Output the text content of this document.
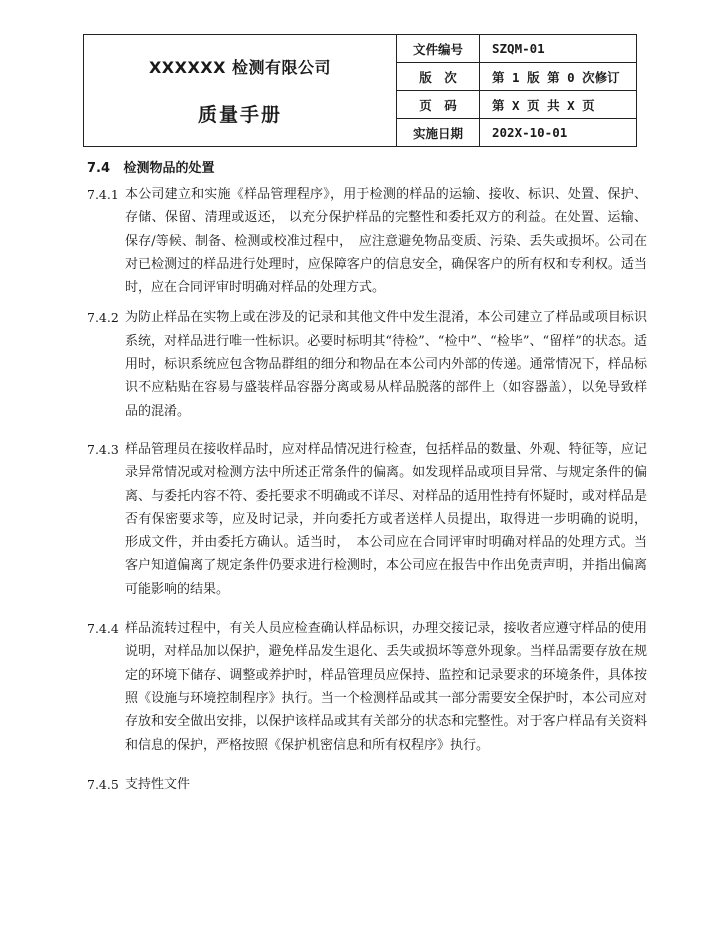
XXXXXX 检测有限公司
质量手册	文件编号	SZQM-01
	版　次	第 1 版 第 0 次修订
	页　码	第 X 页 共 X 页
	实施日期	202X-10-01
7.4 检测物品的处置
7.4.1 本公司建立和实施《样品管理程序》，用于检测的样品的运输、接收、标识、处置、保护、存储、保留、清理或返还， 以充分保护样品的完整性和委托双方的利益。在处置、运输、保存/等候、制备、检测或校准过程中，　应注意避免物品变质、污染、丢失或损坏。公司在对已检测过的样品进行处理时，应保障客户的信息安全，确保客户的所有权和专利权。适当时，应在合同评审时明确对样品的处理方式。
7.4.2 为防止样品在实物上或在涉及的记录和其他文件中发生混淆，本公司建立了样品或项目标识系统，对样品进行唯一性标识。必要时标明其“待检”、“检中”、“检毕”、“留样”的状态。适用时，标识系统应包含物品群组的细分和物品在本公司内外部的传递。通常情况下，样品标识不应粘贴在容易与盛装样品容器分离或易从样品脱落的部件上（如容器盖），以免导致样品的混淆。
7.4.3 样品管理员在接收样品时，应对样品情况进行检查，包括样品的数量、外观、特征等，应记录异常情况或对检测方法中所述正常条件的偏离。如发现样品或项目异常、与规定条件的偏离、与委托内容不符、委托要求不明确或不详尽、对样品的适用性持有怀疑时，或对样品是否有保密要求等，应及时记录，并向委托方或者送样人员提出，取得进一步明确的说明， 形成文件，并由委托方确认。适当时，　本公司应在合同评审时明确对样品的处理方式。当客户知道偏离了规定条件仍要求进行检测时，本公司应在报告中作出免责声明，并指出偏离可能影响的结果。
7.4.4 样品流转过程中，有关人员应检查确认样品标识，办理交接记录，接收者应遵守样品的使用说明，对样品加以保护，避免样品发生退化、丢失或损坏等意外现象。当样品需要存放在规定的环境下储存、调整或养护时，样品管理员应保持、监控和记录要求的环境条件，具体按照《设施与环境控制程序》执行。当一个检测样品或其一部分需要安全保护时，本公司应对存放和安全做出安排，以保护该样品或其有关部分的状态和完整性。对于客户样品有关资料和信息的保护，严格按照《保护机密信息和所有权程序》执行。
7.4.5 支持性文件
